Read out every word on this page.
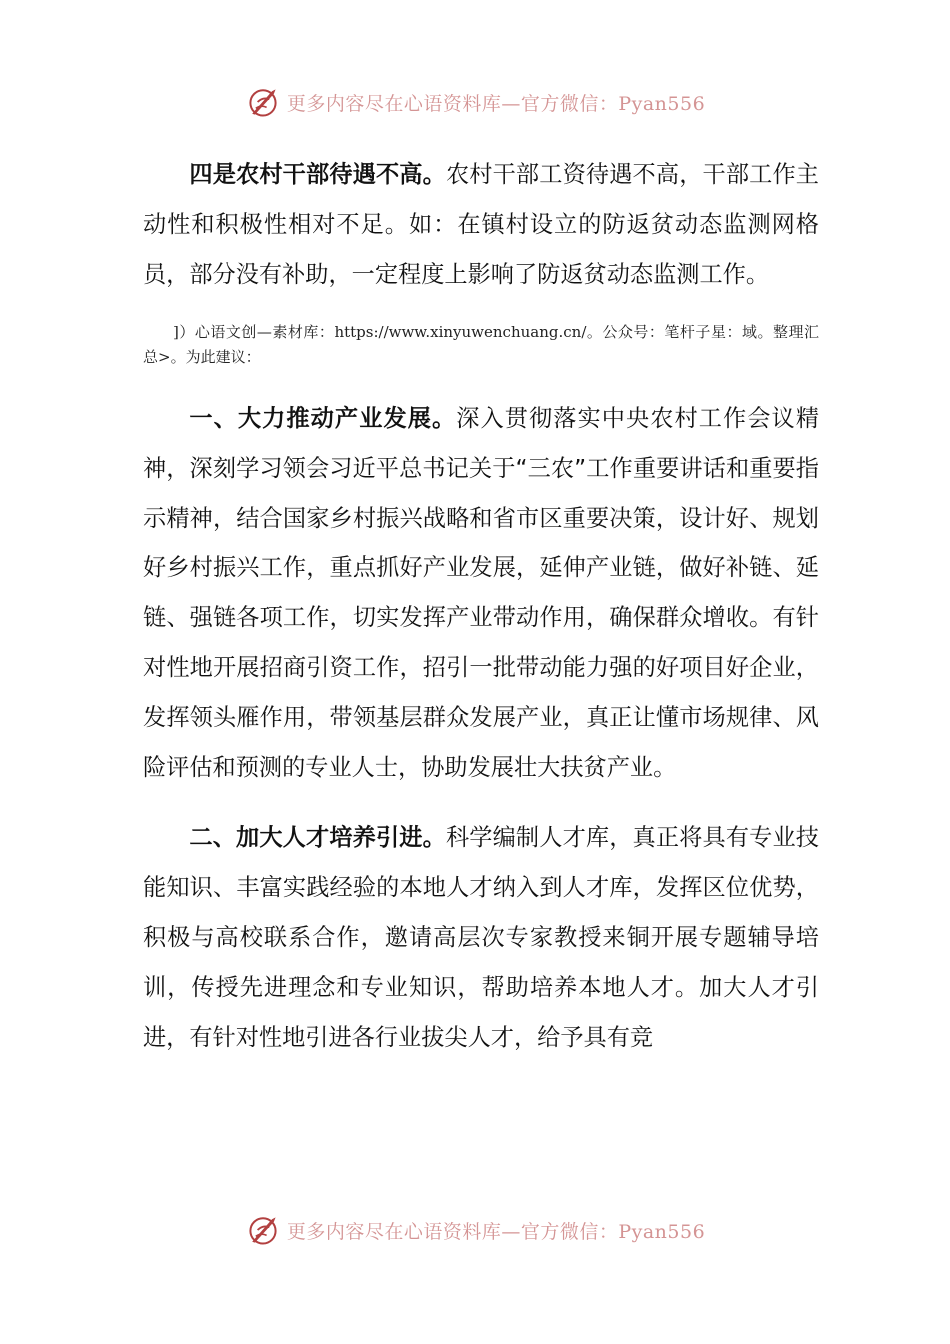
更多内容尽在心语资料库—官方微信：Pyan556

四是农村干部待遇不高。农村干部工资待遇不高，干部工作主动性和积极性相对不足。如：在镇村设立的防返贫动态监测网格员，部分没有补助，一定程度上影响了防返贫动态监测工作。

]）心语文创—素材库：https://www.xinyuwenchuang.cn/。公众号：笔杆子星：域。整理汇总>。为此建议：

一、大力推动产业发展。深入贯彻落实中央农村工作会议精神，深刻学习领会习近平总书记关于“三农”工作重要讲话和重要指示精神，结合国家乡村振兴战略和省市区重要决策，设计好、规划好乡村振兴工作，重点抓好产业发展，延伸产业链，做好补链、延链、强链各项工作，切实发挥产业带动作用，确保群众增收。有针对性地开展招商引资工作，招引一批带动能力强的好项目好企业，发挥领头雁作用，带领基层群众发展产业，真正让懂市场规律、风险评估和预测的专业人士，协助发展壮大扶贫产业。

二、加大人才培养引进。科学编制人才库，真正将具有专业技能知识、丰富实践经验的本地人才纳入到人才库，发挥区位优势，积极与高校联系合作，邀请高层次专家教授来铜开展专题辅导培训，传授先进理念和专业知识，帮助培养本地人才。加大人才引进，有针对性地引进各行业拔尖人才，给予具有竞

更多内容尽在心语资料库—官方微信：Pyan556
